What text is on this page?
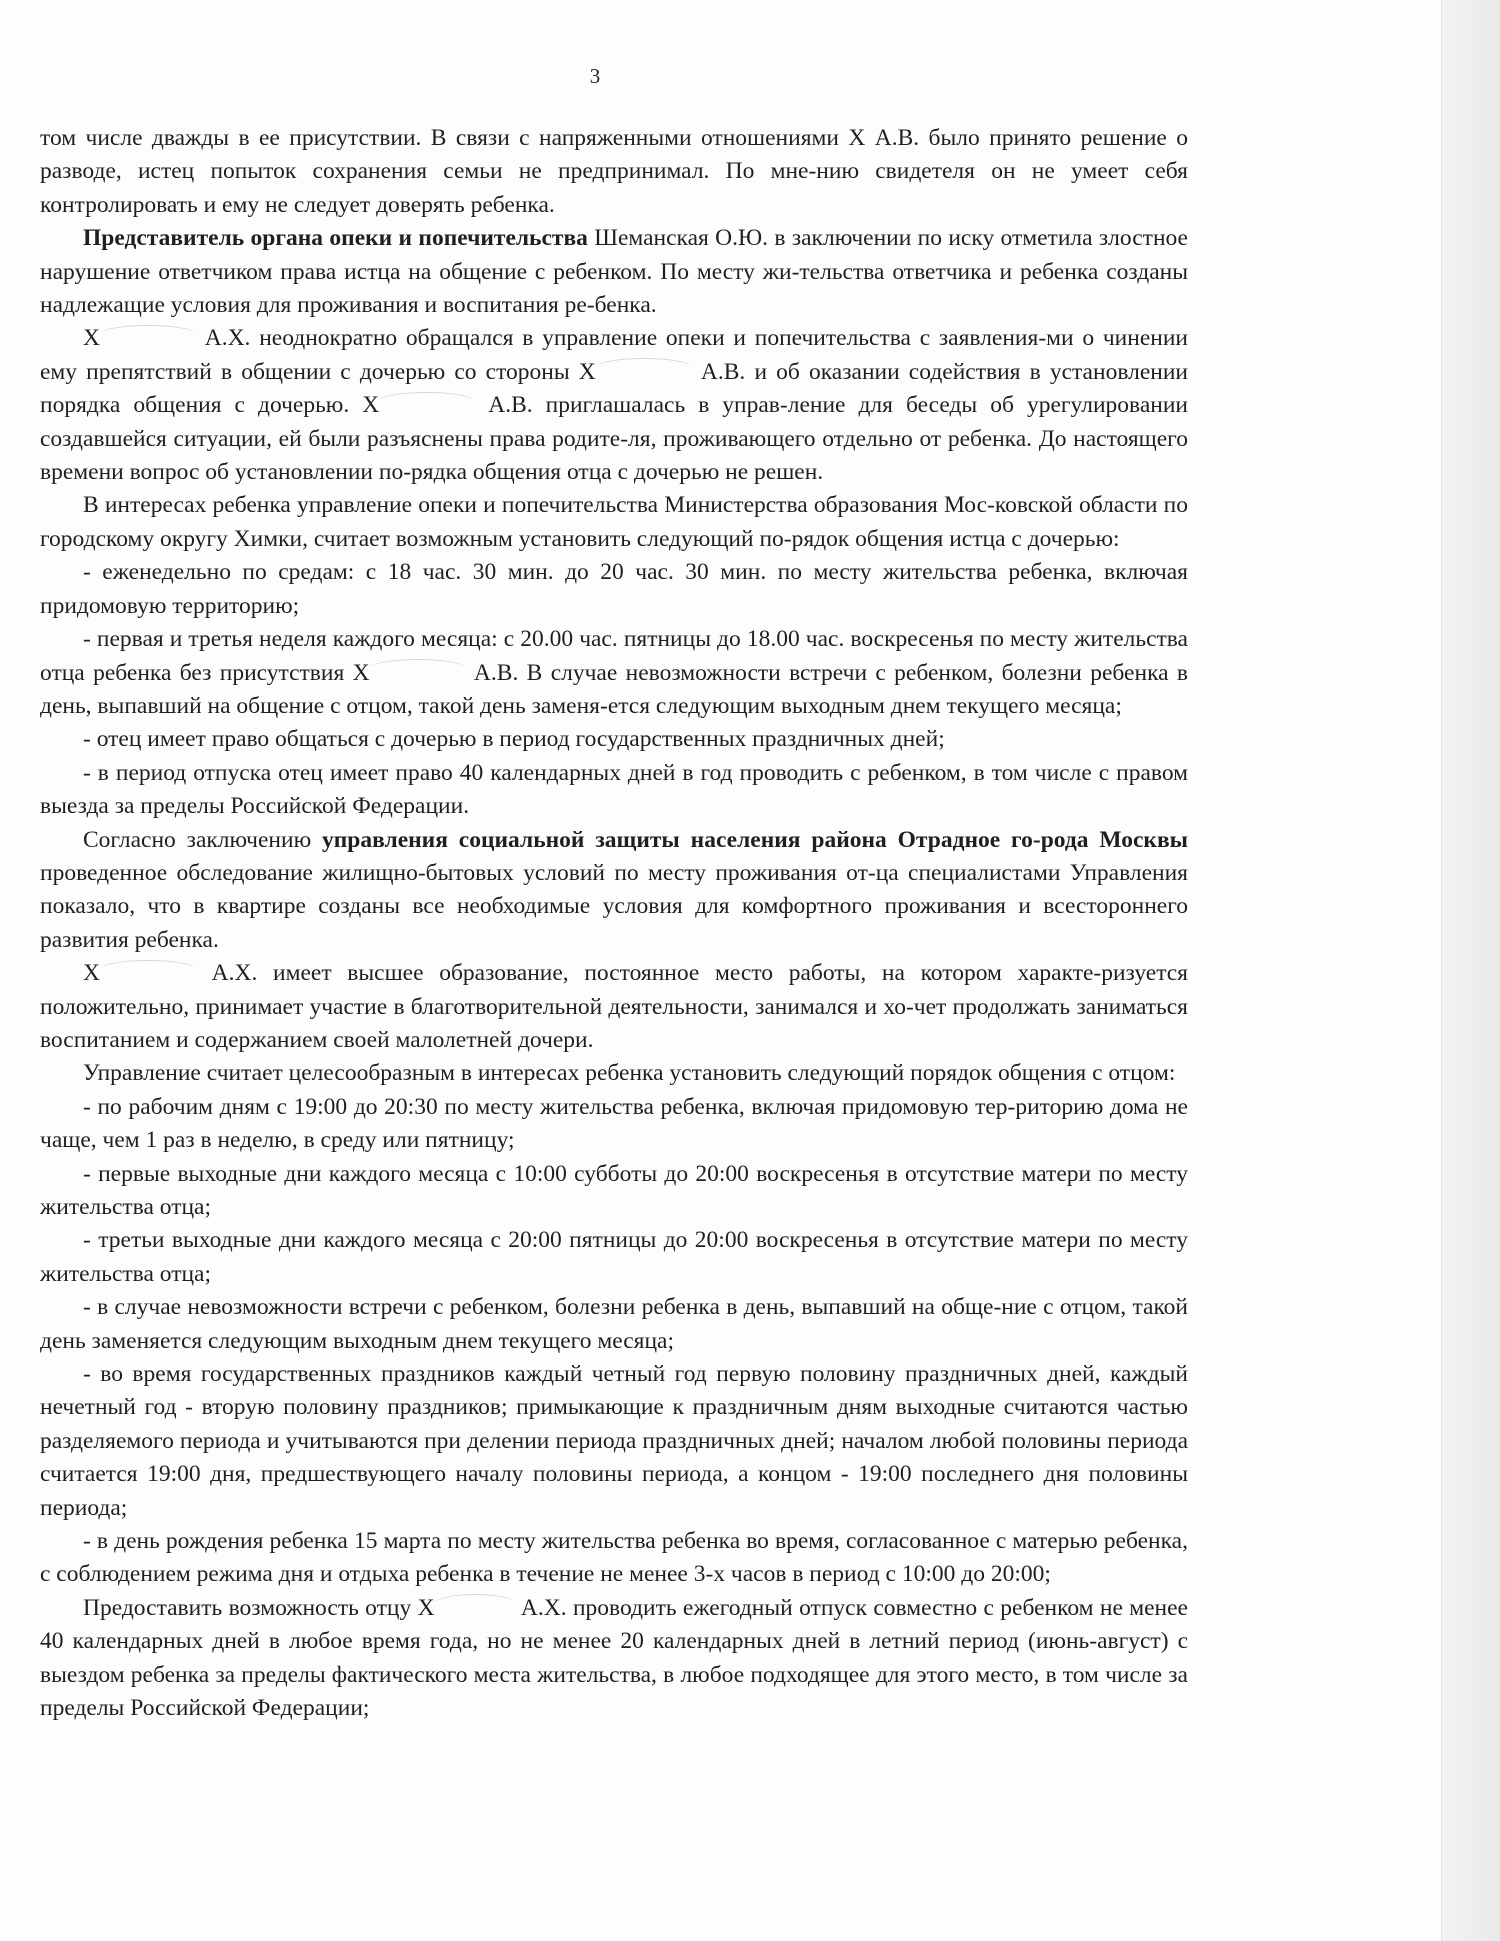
3

том числе дважды в ее присутствии. В связи с напряженными отношениями Х А.В. было принято решение о разводе, истец попыток сохранения семьи не предпринимал. По мне-нию свидетеля он не умеет себя контролировать и ему не следует доверять ребенка.

Представитель органа опеки и попечительства Шеманская О.Ю. в заключении по иску отметила злостное нарушение ответчиком права истца на общение с ребенком. По месту жи-тельства ответчика и ребенка созданы надлежащие условия для проживания и воспитания ре-бенка.

Х	А.Х. неоднократно обращался в управление опеки и попечительства с заявления-ми о чинении ему препятствий в общении с дочерью со стороны Х	А.В. и об оказании содействия в установлении порядка общения с дочерью. Х	А.В. приглашалась в управ-ление для беседы об урегулировании создавшейся ситуации, ей были разъяснены права родите-ля, проживающего отдельно от ребенка. До настоящего времени вопрос об установлении по-рядка общения отца с дочерью не решен.

В интересах ребенка управление опеки и попечительства Министерства образования Мос-ковской области по городскому округу Химки, считает возможным установить следующий по-рядок общения истца с дочерью:

- еженедельно по средам: с 18 час. 30 мин. до 20 час. 30 мин. по месту жительства ребенка, включая придомовую территорию;

- первая и третья неделя каждого месяца: с 20.00 час. пятницы до 18.00 час. воскресенья по месту жительства отца ребенка без присутствия Х	А.В. В случае невозможности встречи с ребенком, болезни ребенка в день, выпавший на общение с отцом, такой день заменя-ется следующим выходным днем текущего месяца;

- отец имеет право общаться с дочерью в период государственных праздничных дней;

- в период отпуска отец имеет право 40 календарных дней в год проводить с ребенком, в том числе с правом выезда за пределы Российской Федерации.

Согласно заключению управления социальной защиты населения района Отрадное го-рода Москвы проведенное обследование жилищно-бытовых условий по месту проживания от-ца специалистами Управления показало, что в квартире созданы все необходимые условия для комфортного проживания и всестороннего развития ребенка.

Х	А.Х. имеет высшее образование, постоянное место работы, на котором характе-ризуется положительно, принимает участие в благотворительной деятельности, занимался и хо-чет продолжать заниматься воспитанием и содержанием своей малолетней дочери.

Управление считает целесообразным в интересах ребенка установить следующий порядок общения с отцом:

- по рабочим дням с 19:00 до 20:30 по месту жительства ребенка, включая придомовую тер-риторию дома не чаще, чем 1 раз в неделю, в среду или пятницу;

- первые выходные дни каждого месяца с 10:00 субботы до 20:00 воскресенья в отсутствие матери по месту жительства отца;

- третьи выходные дни каждого месяца с 20:00 пятницы до 20:00 воскресенья в отсутствие матери по месту жительства отца;

- в случае невозможности встречи с ребенком, болезни ребенка в день, выпавший на обще-ние с отцом, такой день заменяется следующим выходным днем текущего месяца;

- во время государственных праздников каждый четный год первую половину праздничных дней, каждый нечетный год - вторую половину праздников; примыкающие к праздничным дням выходные считаются частью разделяемого периода и учитываются при делении периода праздничных дней; началом любой половины периода считается 19:00 дня, предшествующего началу половины периода, а концом - 19:00 последнего дня половины периода;

- в день рождения ребенка 15 марта по месту жительства ребенка во время, согласованное с матерью ребенка, с соблюдением режима дня и отдыха ребенка в течение не менее 3-х часов в период с 10:00 до 20:00;

Предоставить возможность отцу Х	А.Х. проводить ежегодный отпуск совместно с ребенком не менее 40 календарных дней в любое время года, но не менее 20 календарных дней в летний период (июнь-август) с выездом ребенка за пределы фактического места жительства, в любое подходящее для этого место, в том числе за пределы Российской Федерации;
